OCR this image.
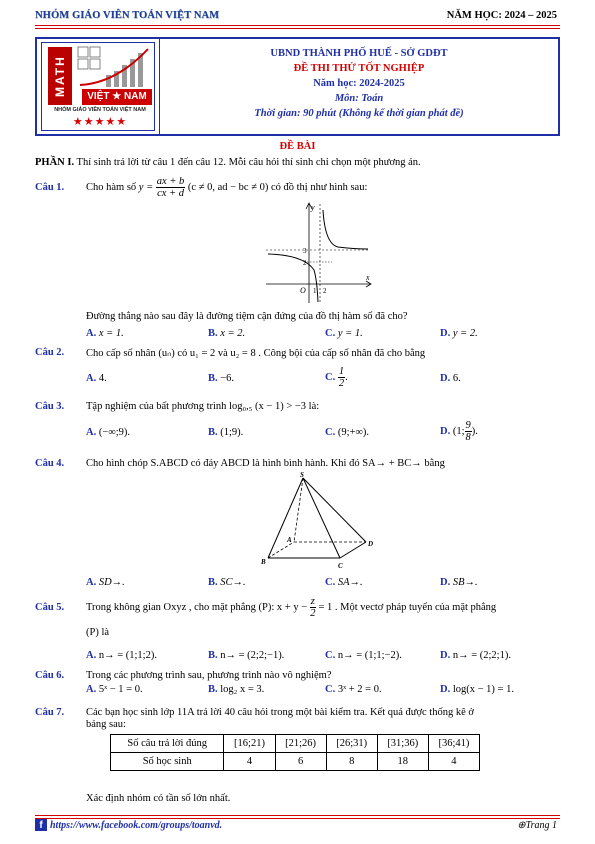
NHÓM GIÁO VIÊN TOÁN VIỆT NAM	NĂM HỌC: 2024 – 2025
MATH	VIỆT ★ NAM
NHÓM GIÁO VIÊN TOÁN VIỆT NAM
★★★★★
UBND THÀNH PHỐ HUẾ - SỞ GDĐT
ĐỀ THI THỬ TỐT NGHIỆP
Năm học: 2024-2025
Môn: Toán
Thời gian: 90 phút (Không kể thời gian phát đề)
ĐỀ BÀI
PHẦN I. Thí sinh trả lời từ câu 1 đến câu 12. Mỗi câu hỏi thí sinh chỉ chọn một phương án.
Câu 1. Cho hàm số $y = \frac{ax + b}{cx + d} (c \ne 0$, ad − bc ≠ 0) có đồ thị như hình sau:
y
x
O 1 2
3
2
Đường thẳng nào sau đây là đường tiệm cận đứng của đồ thị hàm số đã cho?
A. x = 1.	B. x = 2.	C. y = 1.	D. y = 2.
Câu 2. Cho cấp số nhân (uₙ) có u₁ = 2 và u₂ = 8 . Công bội của cấp số nhân đã cho bằng
A. 4.	B. −6.	C. $\frac{1}{2}$ .	D. 6.
Câu 3. Tập nghiệm của bất phương trình log₀,₅ (x − 1) > −3 là:
A. (−∞;9).	B. (1;9).	C. (9;+∞).	D. (1; $\frac{9}{8}$ ).
Câu 4. Cho hình chóp S.ABCD có đáy ABCD là hình bình hành. Khi đó SA→ + BC→ bằng
S
A
B	C
D
A. SD→.	B. SC→.	C. SA→.	D. SB→.
Câu 5. Trong không gian Oxyz , cho mặt phẳng (P): $x + y - \frac{z}{2} = 1$ . Một vectơ pháp tuyến của mặt phẳng
(P) là
A. n→ = (1;1;2).	B. n→ = (2;2;−1).	C. n→ = (1;1;−2).	D. n→ = (2;2;1).
Câu 6. Trong các phương trình sau, phương trình nào vô nghiệm?
A. 5ˣ − 1 = 0.	B. log₂ x = 3.	C. 3ˣ + 2 = 0.	D. log(x − 1) = 1.
Câu 7. Các bạn học sinh lớp 11A trả lời 40 câu hỏi trong một bài kiểm tra. Kết quả được thống kê ở
bảng sau:
Số câu trả lời đúng	[16;21)	[21;26)	[26;31)	[31;36)	[36;41)
Số học sinh	4	6	8	18	4
Xác định nhóm có tần số lớn nhất.
f https://www.facebook.com/groups/toanvd.	⊕Trang 1
